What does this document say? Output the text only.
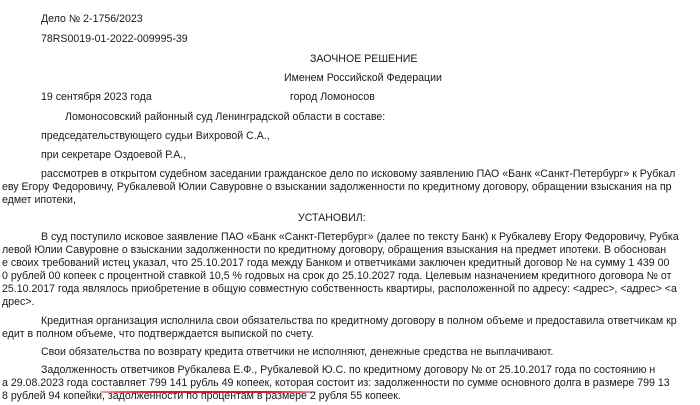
Дело № 2-1756/2023
78RS0019-01-2022-009995-39
ЗАОЧНОЕ РЕШЕНИЕ
Именем Российской Федерации
19 сентября 2023 года	город Ломоносов
Ломоносовский районный суд Ленинградской области в составе:
председательствующего судьи Вихровой С.А.,
при секретаре Оздоевой Р.А.,
рассмотрев в открытом судебном заседании гражданское дело по исковому заявлению ПАО «Банк «Санкт-Петербург» к Рубкал
еву Егору Федоровичу, Рубкалевой Юлии Савуровне о взыскании задолженности по кредитному договору, обращении взыскания на пр
едмет ипотеки,
УСТАНОВИЛ:
В суд поступило исковое заявление ПАО «Банк «Санкт-Петербург» (далее по тексту Банк) к Рубкалеву Егору Федоровичу, Рубка
левой Юлии Савуровне о взыскании задолженности по кредитному договору, обращения взыскания на предмет ипотеки. В обоснован
е своих требований истец указал, что 25.10.2017 года между Банком и ответчиками заключен кредитный договор № на сумму 1 439 00
0 рублей 00 копеек с процентной ставкой 10,5 % годовых на срок до 25.10.2027 года. Целевым назначением кредитного договора № от
25.10.2017 года являлось приобретение в общую совместную собственность квартиры, расположенной по адресу: <адрес>, <адрес> <а
дрес>.
Кредитная организация исполнила свои обязательства по кредитному договору в полном объеме и предоставила ответчикам кр
едит в полном объеме, что подтверждается выпиской по счету.
Свои обязательства по возврату кредита ответчики не исполняют, денежные средства не выплачивают.
Задолженность ответчиков Рубкалева Е.Ф., Рубкалевой Ю.С. по кредитному договору № от 25.10.2017 года по состоянию н
а 29.08.2023 года составляет 799 141 рубль 49 копеек, которая
состоит из: задолженности по сумме основного долга в размере 799 13
8 рублей 94 копейки, задолженности по процентам в размере 2 рубля 55 копеек.
